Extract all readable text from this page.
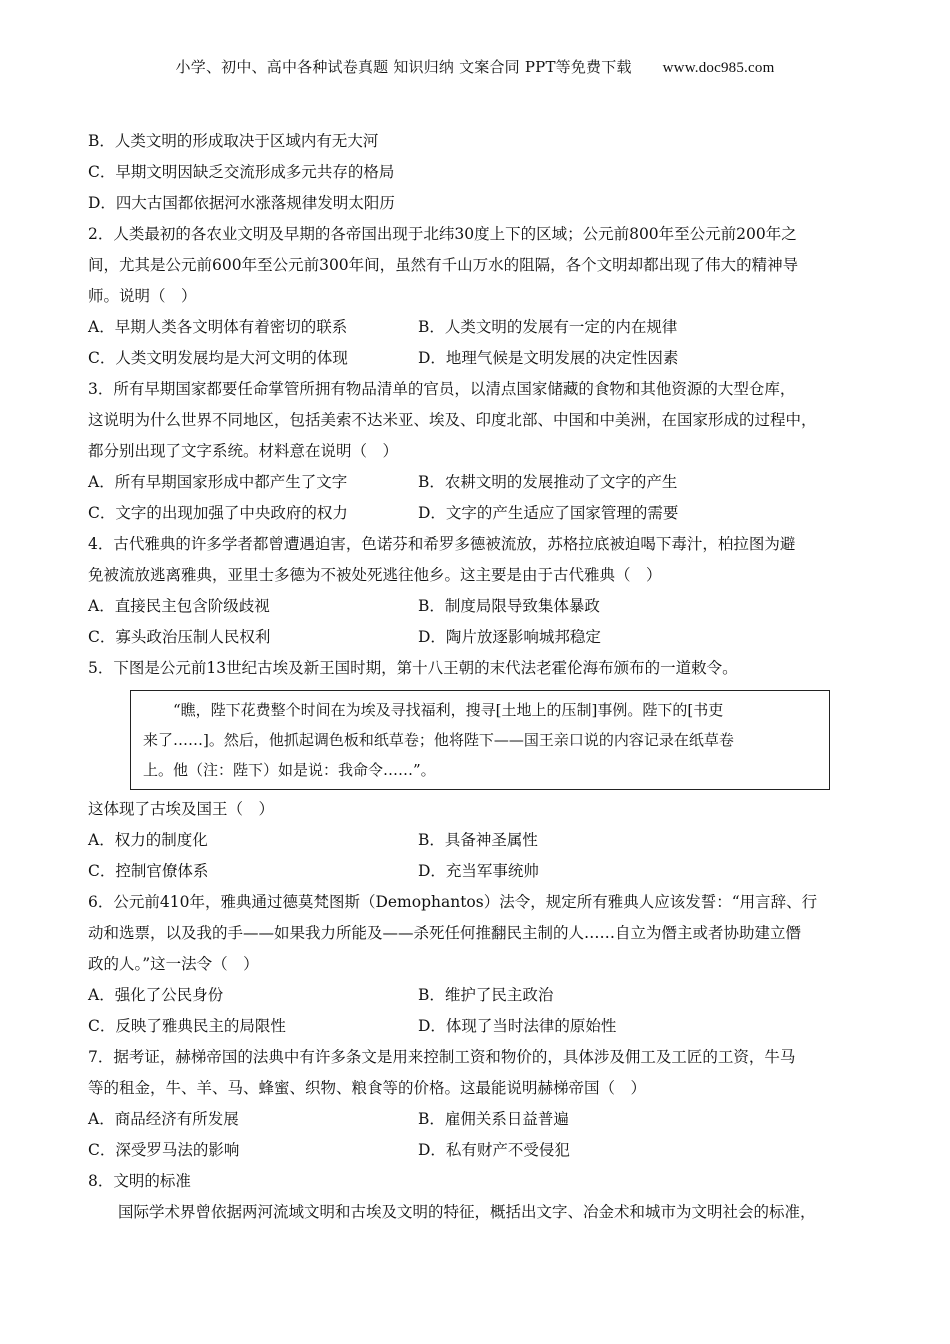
小学、初中、高中各种试卷真题 知识归纳 文案合同 PPT等免费下载 www.doc985.com
B．人类文明的形成取决于区域内有无大河
C．早期文明因缺乏交流形成多元共存的格局
D．四大古国都依据河水涨落规律发明太阳历
2．人类最初的各农业文明及早期的各帝国出现于北纬30度上下的区域；公元前800年至公元前200年之
间，尤其是公元前600年至公元前300年间，虽然有千山万水的阻隔，各个文明却都出现了伟大的精神导
师。说明（　）
A．早期人类各文明体有着密切的联系	B．人类文明的发展有一定的内在规律
C．人类文明发展均是大河文明的体现	D．地理气候是文明发展的决定性因素
3．所有早期国家都要任命掌管所拥有物品清单的官员，以清点国家储藏的食物和其他资源的大型仓库，
这说明为什么世界不同地区，包括美索不达米亚、埃及、印度北部、中国和中美洲，在国家形成的过程中，
都分别出现了文字系统。材料意在说明（　）
A．所有早期国家形成中都产生了文字	B．农耕文明的发展推动了文字的产生
C．文字的出现加强了中央政府的权力	D．文字的产生适应了国家管理的需要
4．古代雅典的许多学者都曾遭遇迫害，色诺芬和希罗多德被流放，苏格拉底被迫喝下毒汁，柏拉图为避
免被流放逃离雅典，亚里士多德为不被处死逃往他乡。这主要是由于古代雅典（　）
A．直接民主包含阶级歧视	B．制度局限导致集体暴政
C．寡头政治压制人民权利	D．陶片放逐影响城邦稳定
5．下图是公元前13世纪古埃及新王国时期，第十八王朝的末代法老霍伦海布颁布的一道敕令。
“瞧，陛下花费整个时间在为埃及寻找福利，搜寻[土地上的压制]事例。陛下的[书吏
来了……]。然后，他抓起调色板和纸草卷；他将陛下——国王亲口说的内容记录在纸草卷
上。他（注：陛下）如是说：我命令……”。
这体现了古埃及国王（　）
A．权力的制度化	B．具备神圣属性
C．控制官僚体系	D．充当军事统帅
6．公元前410年，雅典通过德莫梵图斯（Demophantos）法令，规定所有雅典人应该发誓：“用言辞、行
动和选票，以及我的手——如果我力所能及——杀死任何推翻民主制的人……自立为僭主或者协助建立僭
政的人。”这一法令（　）
A．强化了公民身份	B．维护了民主政治
C．反映了雅典民主的局限性	D．体现了当时法律的原始性
7．据考证，赫梯帝国的法典中有许多条文是用来控制工资和物价的，具体涉及佣工及工匠的工资，牛马
等的租金，牛、羊、马、蜂蜜、织物、粮食等的价格。这最能说明赫梯帝国（　）
A．商品经济有所发展	B．雇佣关系日益普遍
C．深受罗马法的影响	D．私有财产不受侵犯
8．文明的标准
国际学术界曾依据两河流域文明和古埃及文明的特征，概括出文字、冶金术和城市为文明社会的标准，
